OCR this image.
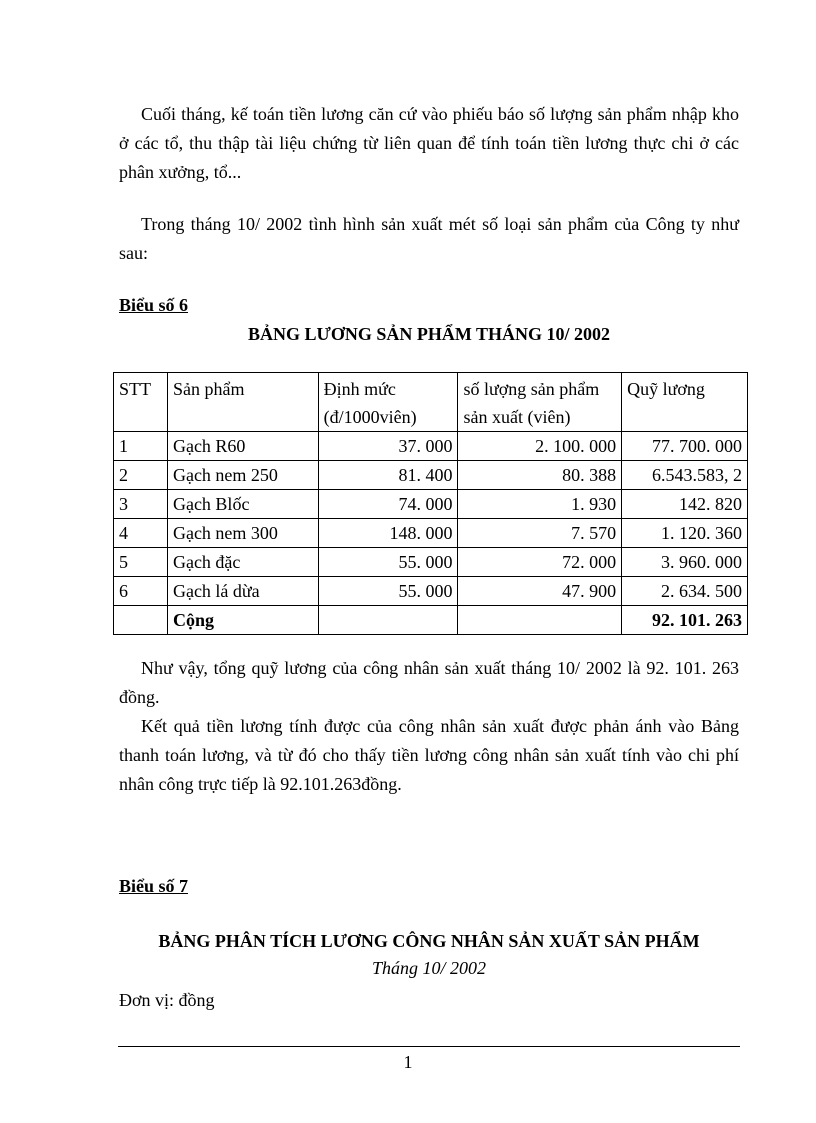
Cuối tháng, kế toán tiền lương căn cứ vào phiếu báo số lượng sản phẩm nhập kho ở các tổ, thu thập tài liệu chứng từ liên quan để tính toán tiền lương thực chi ở các phân xưởng, tổ...

Trong tháng 10/ 2002 tình hình sản xuất mét số loại sản phẩm của Công ty như sau:

Biểu số 6

BẢNG LƯƠNG SẢN PHẨM THÁNG 10/ 2002

STT	Sản phẩm	Định mức (đ/1000viên)	số lượng sản phẩm sản xuất (viên)	Quỹ lương
1	Gạch R60	37. 000	2. 100. 000	77. 700. 000
2	Gạch nem 250	81. 400	80. 388	6.543.583, 2
3	Gạch Blốc	74. 000	1. 930	142. 820
4	Gạch nem 300	148. 000	7. 570	1. 120. 360
5	Gạch đặc	55. 000	72. 000	3. 960. 000
6	Gạch lá dừa	55. 000	47. 900	2. 634. 500
	Cộng			92. 101. 263

Như vậy, tổng quỹ lương của công nhân sản xuất tháng 10/ 2002 là 92. 101. 263 đồng.

Kết quả tiền lương tính được của công nhân sản xuất được phản ánh vào Bảng thanh toán lương, và từ đó cho thấy tiền lương công nhân sản xuất tính vào chi phí nhân công trực tiếp là 92.101.263đồng.

Biểu số 7

BẢNG PHÂN TÍCH LƯƠNG CÔNG NHÂN SẢN XUẤT SẢN PHẨM

Tháng 10/ 2002

Đơn vị: đồng

1
